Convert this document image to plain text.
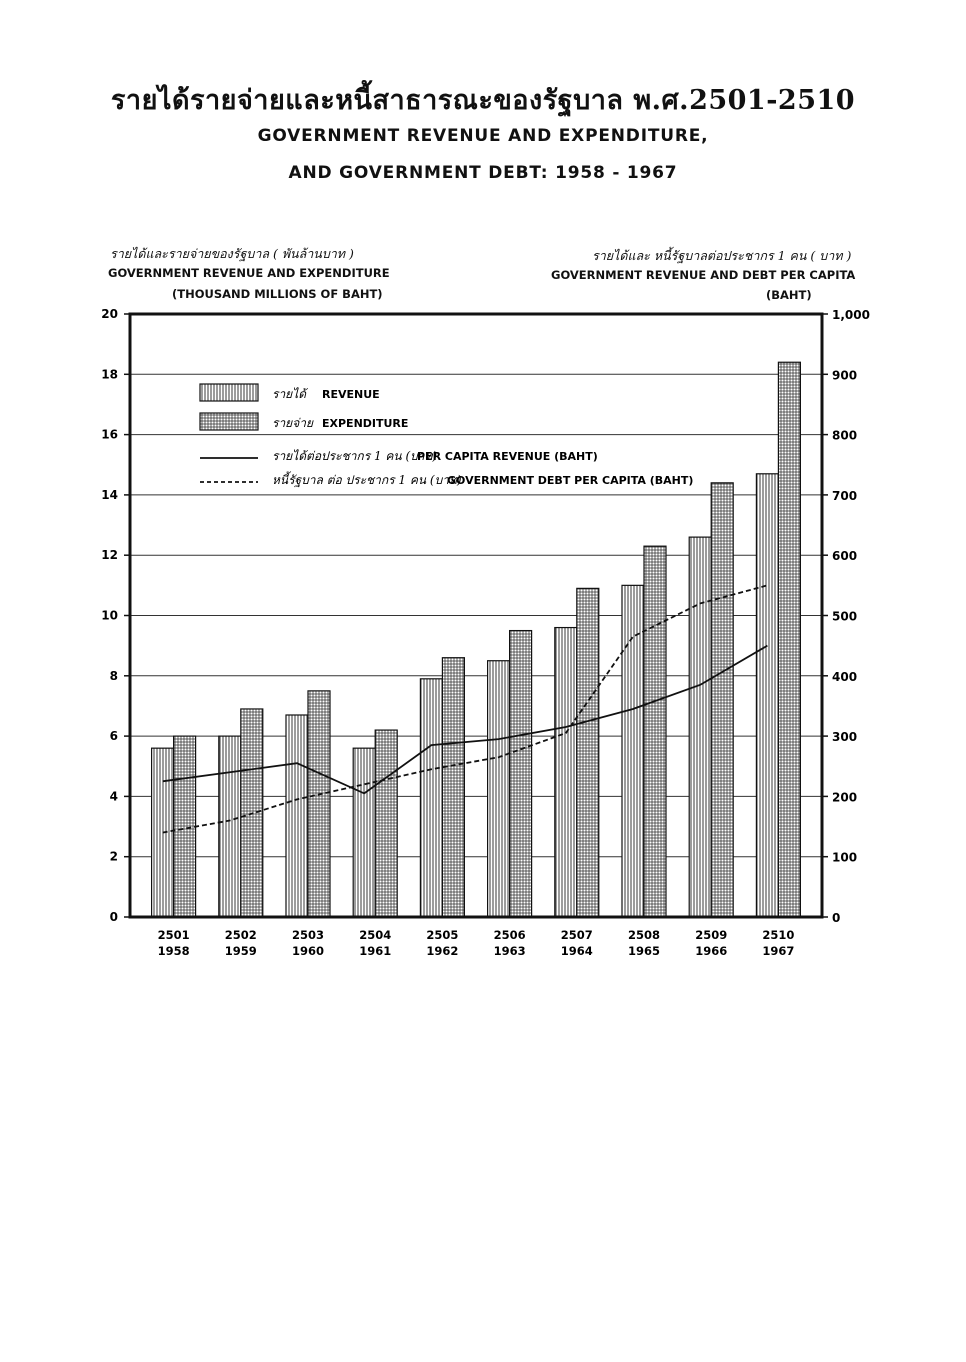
รายได้รายจ่ายและหนี้สาธารณะของรัฐบาล พ.ศ.2501-2510
GOVERNMENT REVENUE AND EXPENDITURE,
AND GOVERNMENT DEBT: 1958 - 1967
รายได้และรายจ่ายของรัฐบาล ( พันล้านบาท )
GOVERNMENT REVENUE AND EXPENDITURE
(THOUSAND MILLIONS OF BAHT)
รายได้และ หนี้รัฐบาลต่อประชากร 1 คน ( บาท )
GOVERNMENT REVENUE AND DEBT PER CAPITA
(BAHT)
0
2
4
6
8
10
12
14
16
18
20
0
100
200
300
400
500
600
700
800
900
1,000
2501
1958
2502
1959
2503
1960
2504
1961
2505
1962
2506
1963
2507
1964
2508
1965
2509
1966
2510
1967
รายได้ REVENUE
รายจ่าย EXPENDITURE
รายได้ต่อประชากร 1 คน (บาท)
PER CAPITA REVENUE (BAHT)
หนี้รัฐบาล ต่อ ประชากร 1 คน (บาท)
GOVERNMENT DEBT PER CAPITA (BAHT)
